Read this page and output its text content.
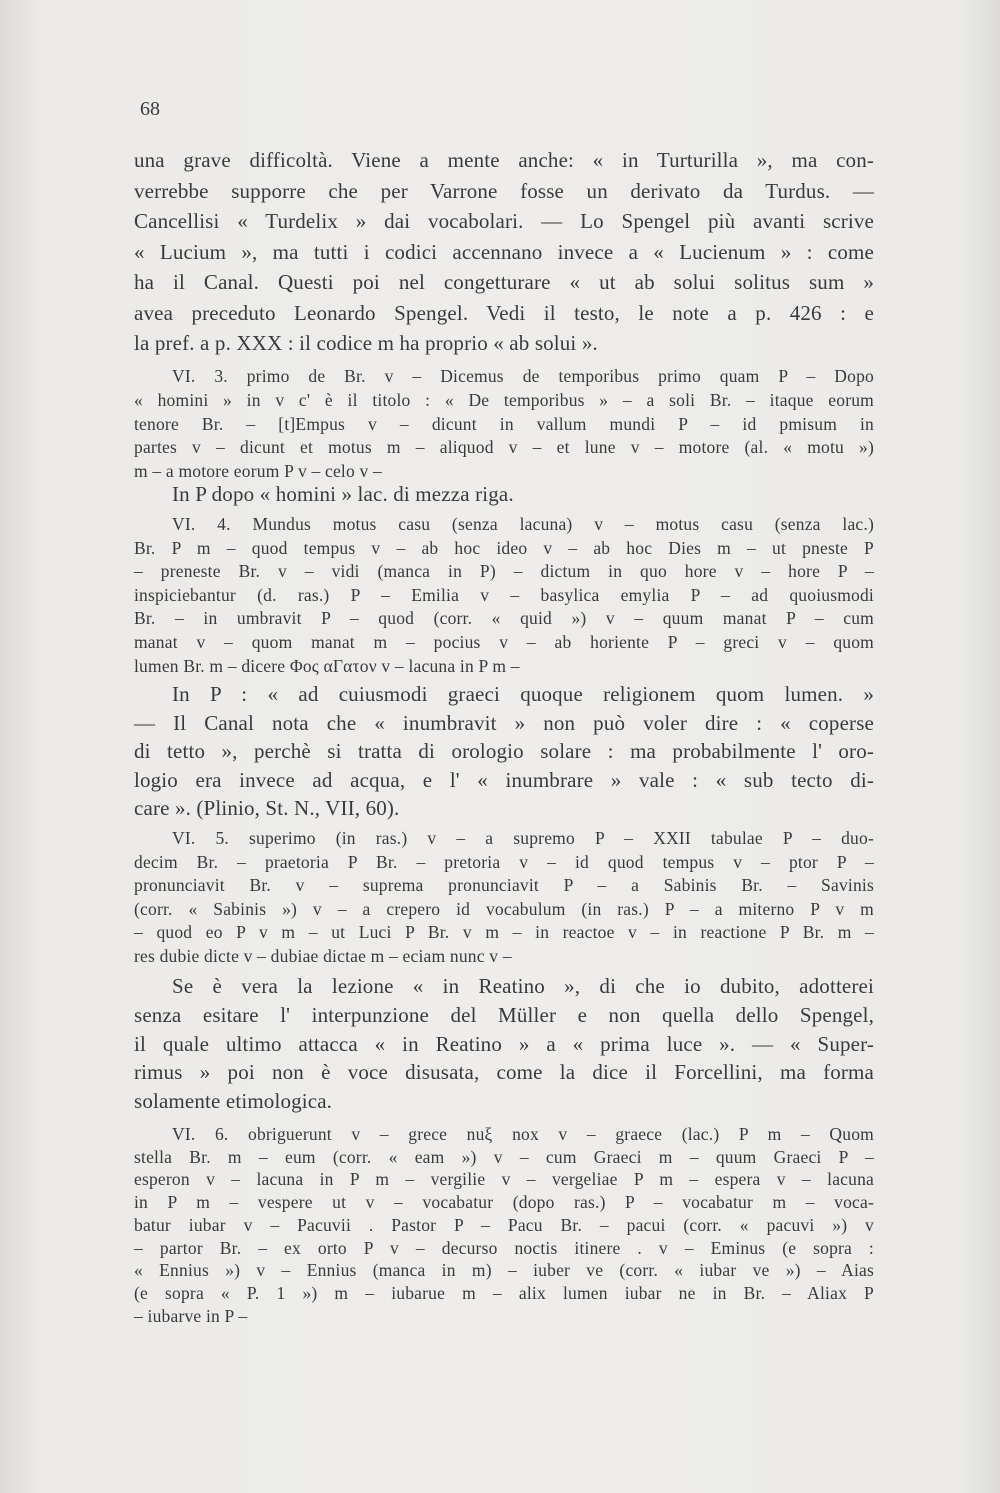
68
una grave difficoltà. Viene a mente anche: « in Turturilla », ma con-
verrebbe supporre che per Varrone fosse un derivato da Turdus. —
Cancellisi « Turdelix » dai vocabolari. — Lo Spengel più avanti scrive
« Lucium », ma tutti i codici accennano invece a « Lucienum » : come
ha il Canal. Questi poi nel congetturare « ut ab solui solitus sum »
avea preceduto Leonardo Spengel. Vedi il testo, le note a p. 426 : e
la pref. a p. XXX : il codice m ha proprio « ab solui ».
VI. 3. primo de Br. v – Dicemus de temporibus primo quam P – Dopo
« homini » in v c' è il titolo : « De temporibus » – a soli Br. – itaque eorum
tenore Br. – [t]Empus v – dicunt in vallum mundi P – id pmisum in
partes v – dicunt et motus m – aliquod v – et lune v – motore (al. « motu »)
m – a motore eorum P v – celo v –
In P dopo « homini » lac. di mezza riga.
VI. 4. Mundus motus casu (senza lacuna) v – motus casu (senza lac.)
Br. P m – quod tempus v – ab hoc ideo v – ab hoc Dies m – ut pneste P
– preneste Br. v – vidi (manca in P) – dictum in quo hore v – hore P –
inspiciebantur (d. ras.) P – Emilia v – basylica emylia P – ad quoiusmodi
Br. – in umbravit P – quod (corr. « quid ») v – quum manat P – cum
manat v – quom manat m – pocius v – ab horiente P – greci v – quom
lumen Br. m – dicere Φος αΓατον v – lacuna in P m –
In P : « ad cuiusmodi graeci quoque religionem quom lumen. »
— Il Canal nota che « inumbravit » non può voler dire : « coperse
di tetto », perchè si tratta di orologio solare : ma probabilmente l' oro-
logio era invece ad acqua, e l' « inumbrare » vale : « sub tecto di-
care ». (Plinio, St. N., VII, 60).
VI. 5. superimo (in ras.) v – a supremo P – XXII tabulae P – duo-
decim Br. – praetoria P Br. – pretoria v – id quod tempus v – ptor P –
pronunciavit Br. v – suprema pronunciavit P – a Sabinis Br. – Savinis
(corr. « Sabinis ») v – a crepero id vocabulum (in ras.) P – a miterno P v m
– quod eo P v m – ut Luci P Br. v m – in reactoe v – in reactione P Br. m –
res dubie dicte v – dubiae dictae m – eciam nunc v –
Se è vera la lezione « in Reatino », di che io dubito, adotterei
senza esitare l' interpunzione del Müller e non quella dello Spengel,
il quale ultimo attacca « in Reatino » a « prima luce ». — « Super-
rimus » poi non è voce disusata, come la dice il Forcellini, ma forma
solamente etimologica.
VI. 6. obriguerunt v – grece nuξ nox v – graece (lac.) P m – Quom
stella Br. m – eum (corr. « eam ») v – cum Graeci m – quum Graeci P –
esperon v – lacuna in P m – vergilie v – vergeliae P m – espera v – lacuna
in P m – vespere ut v – vocabatur (dopo ras.) P – vocabatur m – voca-
batur iubar v – Pacuvii . Pastor P – Pacu Br. – pacui (corr. « pacuvi ») v
– partor Br. – ex orto P v – decurso noctis itinere . v – Eminus (e sopra :
« Ennius ») v – Ennius (manca in m) – iuber ve (corr. « iubar ve ») – Aias
(e sopra « P. 1 ») m – iubarue m – alix lumen iubar ne in Br. – Aliax P
– iubarve in P –
